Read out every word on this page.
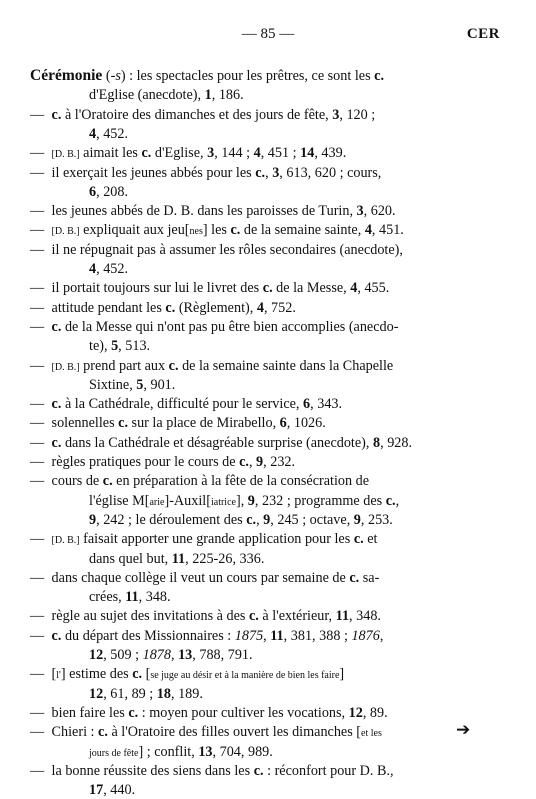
— 85 —	CER
Cérémonie (-s) : les spectacles pour les prêtres, ce sont les c.
d'Eglise (anecdote), 1, 186.
— c. à l'Oratoire des dimanches et des jours de fête, 3, 120 ;
4, 452.
— [D. B.] aimait les c. d'Eglise, 3, 144 ; 4, 451 ; 14, 439.
— il exerçait les jeunes abbés pour les c., 3, 613, 620 ; cours,
6, 208.
— les jeunes abbés de D. B. dans les paroisses de Turin, 3, 620.
— [D. B.] expliquait aux jeu[nes] les c. de la semaine sainte, 4, 451.
— il ne répugnait pas à assumer les rôles secondaires (anecdote),
4, 452.
— il portait toujours sur lui le livret des c. de la Messe, 4, 455.
— attitude pendant les c. (Règlement), 4, 752.
— c. de la Messe qui n'ont pas pu être bien accomplies (anecdo-
te), 5, 513.
— [D. B.] prend part aux c. de la semaine sainte dans la Chapelle
Sixtine, 5, 901.
— c. à la Cathédrale, difficulté pour le service, 6, 343.
— solennelles c. sur la place de Mirabello, 6, 1026.
— c. dans la Cathédrale et désagréable surprise (anecdote), 8, 928.
— règles pratiques pour le cours de c., 9, 232.
— cours de c. en préparation à la fête de la consécration de
l'église M[arie]-Auxil[iatrice], 9, 232 ; programme des c.,
9, 242 ; le déroulement des c., 9, 245 ; octave, 9, 253.
— [D. B.] faisait apporter une grande application pour les c. et
dans quel but, 11, 225-26, 336.
— dans chaque collège il veut un cours par semaine de c. sa-
crées, 11, 348.
— règle au sujet des invitations à des c. à l'extérieur, 11, 348.
— c. du départ des Missionnaires : 1875, 11, 381, 388 ; 1876,
12, 509 ; 1878, 13, 788, 791.
— [l'] estime des c. [se juge au désir et à la manière de bien les faire]
12, 61, 89 ; 18, 189.
— bien faire les c. : moyen pour cultiver les vocations, 12, 89.
— Chieri : c. à l'Oratoire des filles ouvert les dimanches [et les
jours de fête] ; conflit, 13, 704, 989.
— la bonne réussite des siens dans les c. : réconfort pour D. B.,
17, 440.
➔
